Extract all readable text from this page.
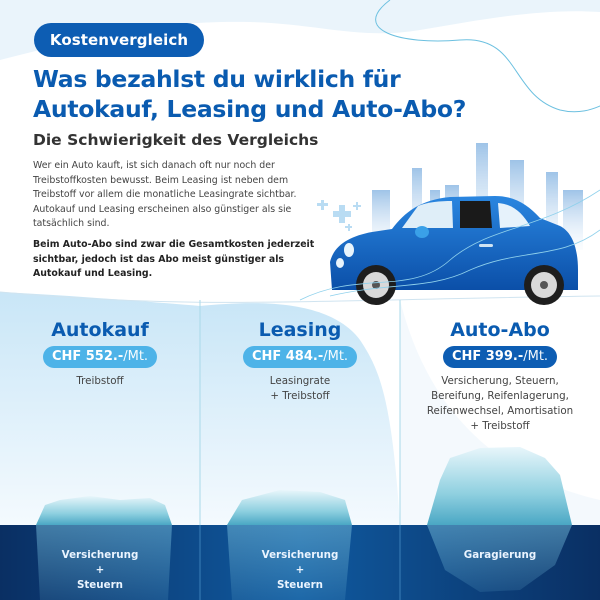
Kostenvergleich
Was bezahlst du wirklich für
Autokauf, Leasing und Auto-Abo?
Die Schwierigkeit des Vergleichs

Wer ein Auto kauft, ist sich danach oft nur noch der Treibstoffkosten bewusst. Beim Leasing ist neben dem Treibstoff vor allem die monatliche Leasingrate sichtbar. Autokauf und Leasing erscheinen also günstiger als sie tatsächlich sind.

Beim Auto-Abo sind zwar die Gesamtkosten jederzeit sichtbar, jedoch ist das Abo meist günstiger als Autokauf und Leasing.

Autokauf
CHF 552.- /Mt.
Treibstoff
Leasing
CHF 484.- /Mt.
Leasingrate
+ Treibstoff
Auto-Abo
CHF 399.- /Mt.
Versicherung, Steuern,
Bereifung, Reifenlagerung,
Reifenwechsel, Amortisation
+ Treibstoff
Versicherung
+
Steuern
Versicherung
+
Steuern
Garagierung
